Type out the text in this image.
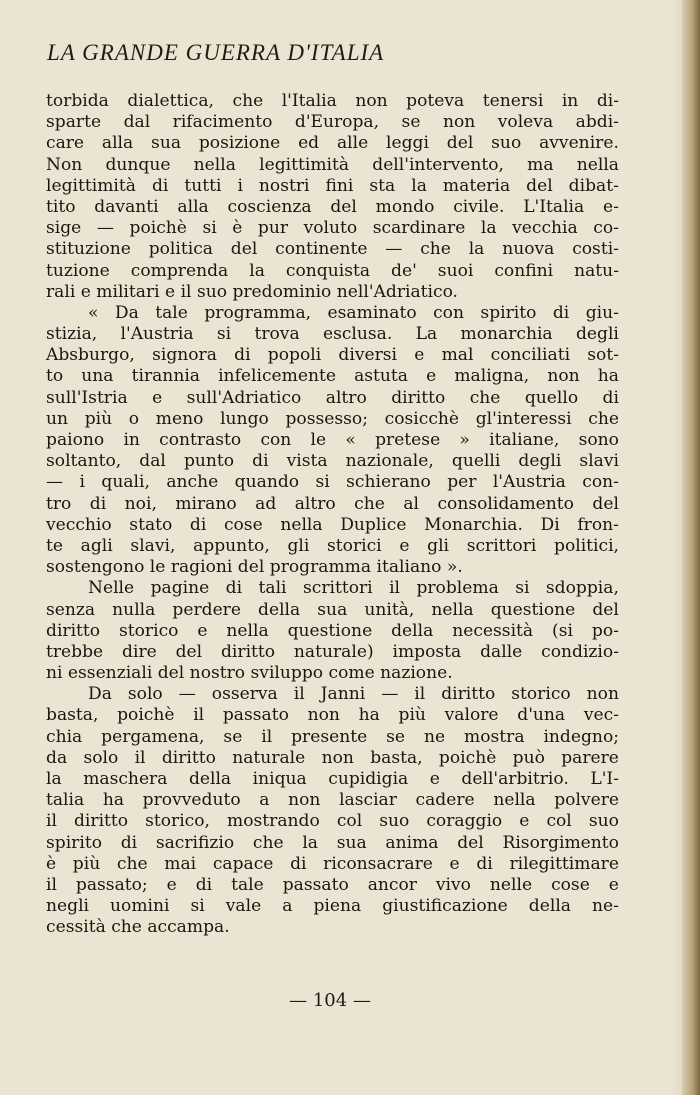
LA GRANDE GUERRA D'ITALIA
torbida dialettica, che l'Italia non poteva tenersi in di-
sparte dal rifacimento d'Europa, se non voleva abdi-
care alla sua posizione ed alle leggi del suo avvenire.
Non dunque nella legittimità dell'intervento, ma nella
legittimità di tutti i nostri fini sta la materia del dibat-
tito davanti alla coscienza del mondo civile. L'Italia e-
sige — poichè si è pur voluto scardinare la vecchia co-
stituzione politica del continente — che la nuova costi-
tuzione comprenda la conquista de' suoi confini natu-
rali e militari e il suo predominio nell'Adriatico.
« Da tale programma, esaminato con spirito di giu-
stizia, l'Austria si trova esclusa. La monarchia degli
Absburgo, signora di popoli diversi e mal conciliati sot-
to una tirannia infelicemente astuta e maligna, non ha
sull'Istria e sull'Adriatico altro diritto che quello di
un più o meno lungo possesso; cosicchè gl'interessi che
paiono in contrasto con le « pretese » italiane, sono
soltanto, dal punto di vista nazionale, quelli degli slavi
— i quali, anche quando si schierano per l'Austria con-
tro di noi, mirano ad altro che al consolidamento del
vecchio stato di cose nella Duplice Monarchia. Di fron-
te agli slavi, appunto, gli storici e gli scrittori politici,
sostengono le ragioni del programma italiano ».
Nelle pagine di tali scrittori il problema si sdoppia,
senza nulla perdere della sua unità, nella questione del
diritto storico e nella questione della necessità (si po-
trebbe dire del diritto naturale) imposta dalle condizio-
ni essenziali del nostro sviluppo come nazione.
Da solo — osserva il Janni — il diritto storico non
basta, poichè il passato non ha più valore d'una vec-
chia pergamena, se il presente se ne mostra indegno;
da solo il diritto naturale non basta, poichè può parere
la maschera della iniqua cupidigia e dell'arbitrio. L'I-
talia ha provveduto a non lasciar cadere nella polvere
il diritto storico, mostrando col suo coraggio e col suo
spirito di sacrifizio che la sua anima del Risorgimento
è più che mai capace di riconsacrare e di rilegittimare
il passato; e di tale passato ancor vivo nelle cose e
negli uomini si vale a piena giustificazione della ne-
cessità che accampa.
— 104 —
